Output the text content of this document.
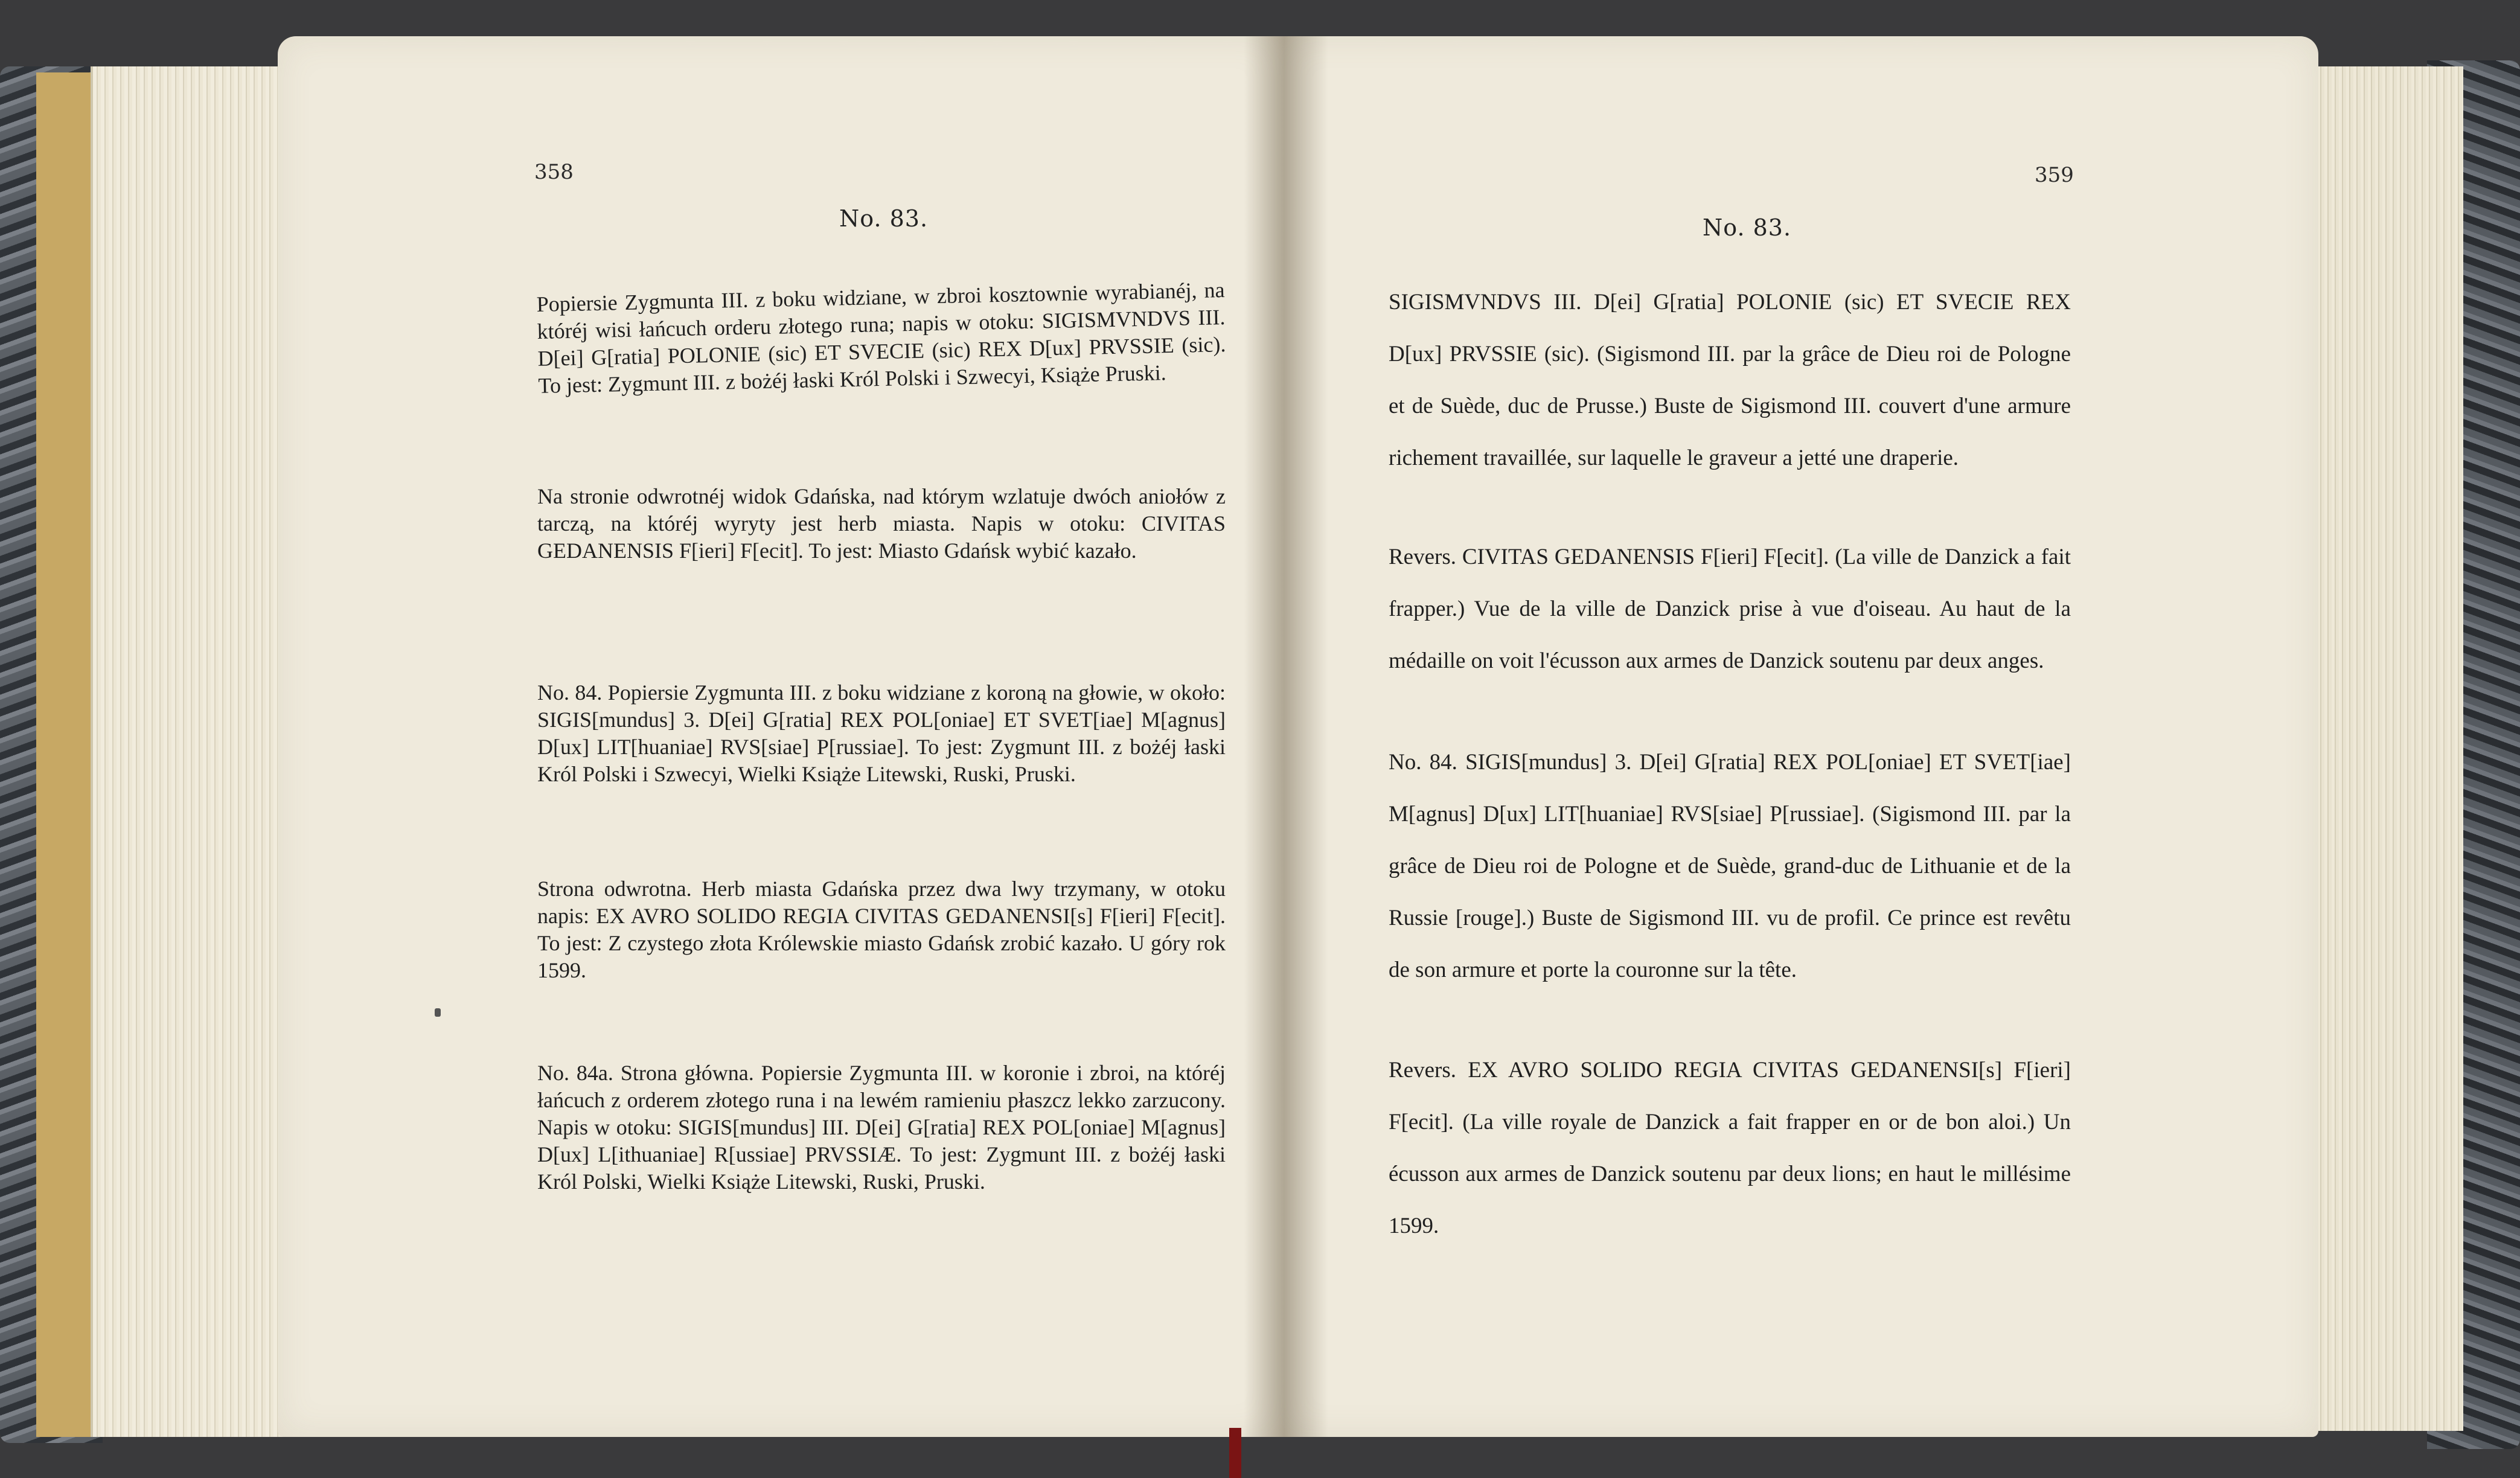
358

No. 83.

Popiersie Zygmunta III. z boku widziane, w zbroi kosztownie wyrabianéj, na któréj wisi łańcuch orderu złotego runa; napis w otoku: SIGISMVNDVS III. D[ei] G[ratia] POLONIE (sic) ET SVECIE (sic) REX D[ux] PRVSSIE (sic). To jest: Zygmunt III. z bożéj łaski Król Polski i Szwecyi, Książe Pruski.

Na stronie odwrotnéj widok Gdańska, nad którym wzlatuje dwóch aniołów z tarczą, na któréj wyryty jest herb miasta. Napis w otoku: CIVITAS GEDANENSIS F[ieri] F[ecit]. To jest: Miasto Gdańsk wybić kazało.

No. 84. Popiersie Zygmunta III. z boku widziane z koroną na głowie, w około: SIGIS[mundus] 3. D[ei] G[ratia] REX POL[oniae] ET SVET[iae] M[agnus] D[ux] LIT[huaniae] RVS[siae] P[russiae]. To jest: Zygmunt III. z bożéj łaski Król Polski i Szwecyi, Wielki Książe Litewski, Ruski, Pruski.

Strona odwrotna. Herb miasta Gdańska przez dwa lwy trzymany, w otoku napis: EX AVRO SOLIDO REGIA CIVITAS GEDANENSI[s] F[ieri] F[ecit]. To jest: Z czystego złota Królewskie miasto Gdańsk zrobić kazało. U góry rok 1599.

No. 84a. Strona główna. Popiersie Zygmunta III. w koronie i zbroi, na któréj łańcuch z orderem złotego runa i na lewém ramieniu płaszcz lekko zarzucony. Napis w otoku: SIGIS[mundus] III. D[ei] G[ratia] REX POL[oniae] M[agnus] D[ux] L[ithuaniae] R[ussiae] PRVSSIÆ. To jest: Zygmunt III. z bożéj łaski Król Polski, Wielki Książe Litewski, Ruski, Pruski.

359

No. 83.

SIGISMVNDVS III. D[ei] G[ratia] POLONIE (sic) ET SVECIE REX D[ux] PRVSSIE (sic). (Sigismond III. par la grâce de Dieu roi de Pologne et de Suède, duc de Prusse.) Buste de Sigismond III. couvert d'une armure richement travaillée, sur laquelle le graveur a jetté une draperie.

Revers. CIVITAS GEDANENSIS F[ieri] F[ecit]. (La ville de Danzick a fait frapper.) Vue de la ville de Danzick prise à vue d'oiseau. Au haut de la médaille on voit l'écusson aux armes de Danzick soutenu par deux anges.

No. 84. SIGIS[mundus] 3. D[ei] G[ratia] REX POL[oniae] ET SVET[iae] M[agnus] D[ux] LIT[huaniae] RVS[siae] P[russiae]. (Sigismond III. par la grâce de Dieu roi de Pologne et de Suède, grand-duc de Lithuanie et de la Russie [rouge].) Buste de Sigismond III. vu de profil. Ce prince est revêtu de son armure et porte la couronne sur la tête.

Revers. EX AVRO SOLIDO REGIA CIVITAS GEDANENSI[s] F[ieri] F[ecit]. (La ville royale de Danzick a fait frapper en or de bon aloi.) Un écusson aux armes de Danzick soutenu par deux lions; en haut le millésime 1599.
